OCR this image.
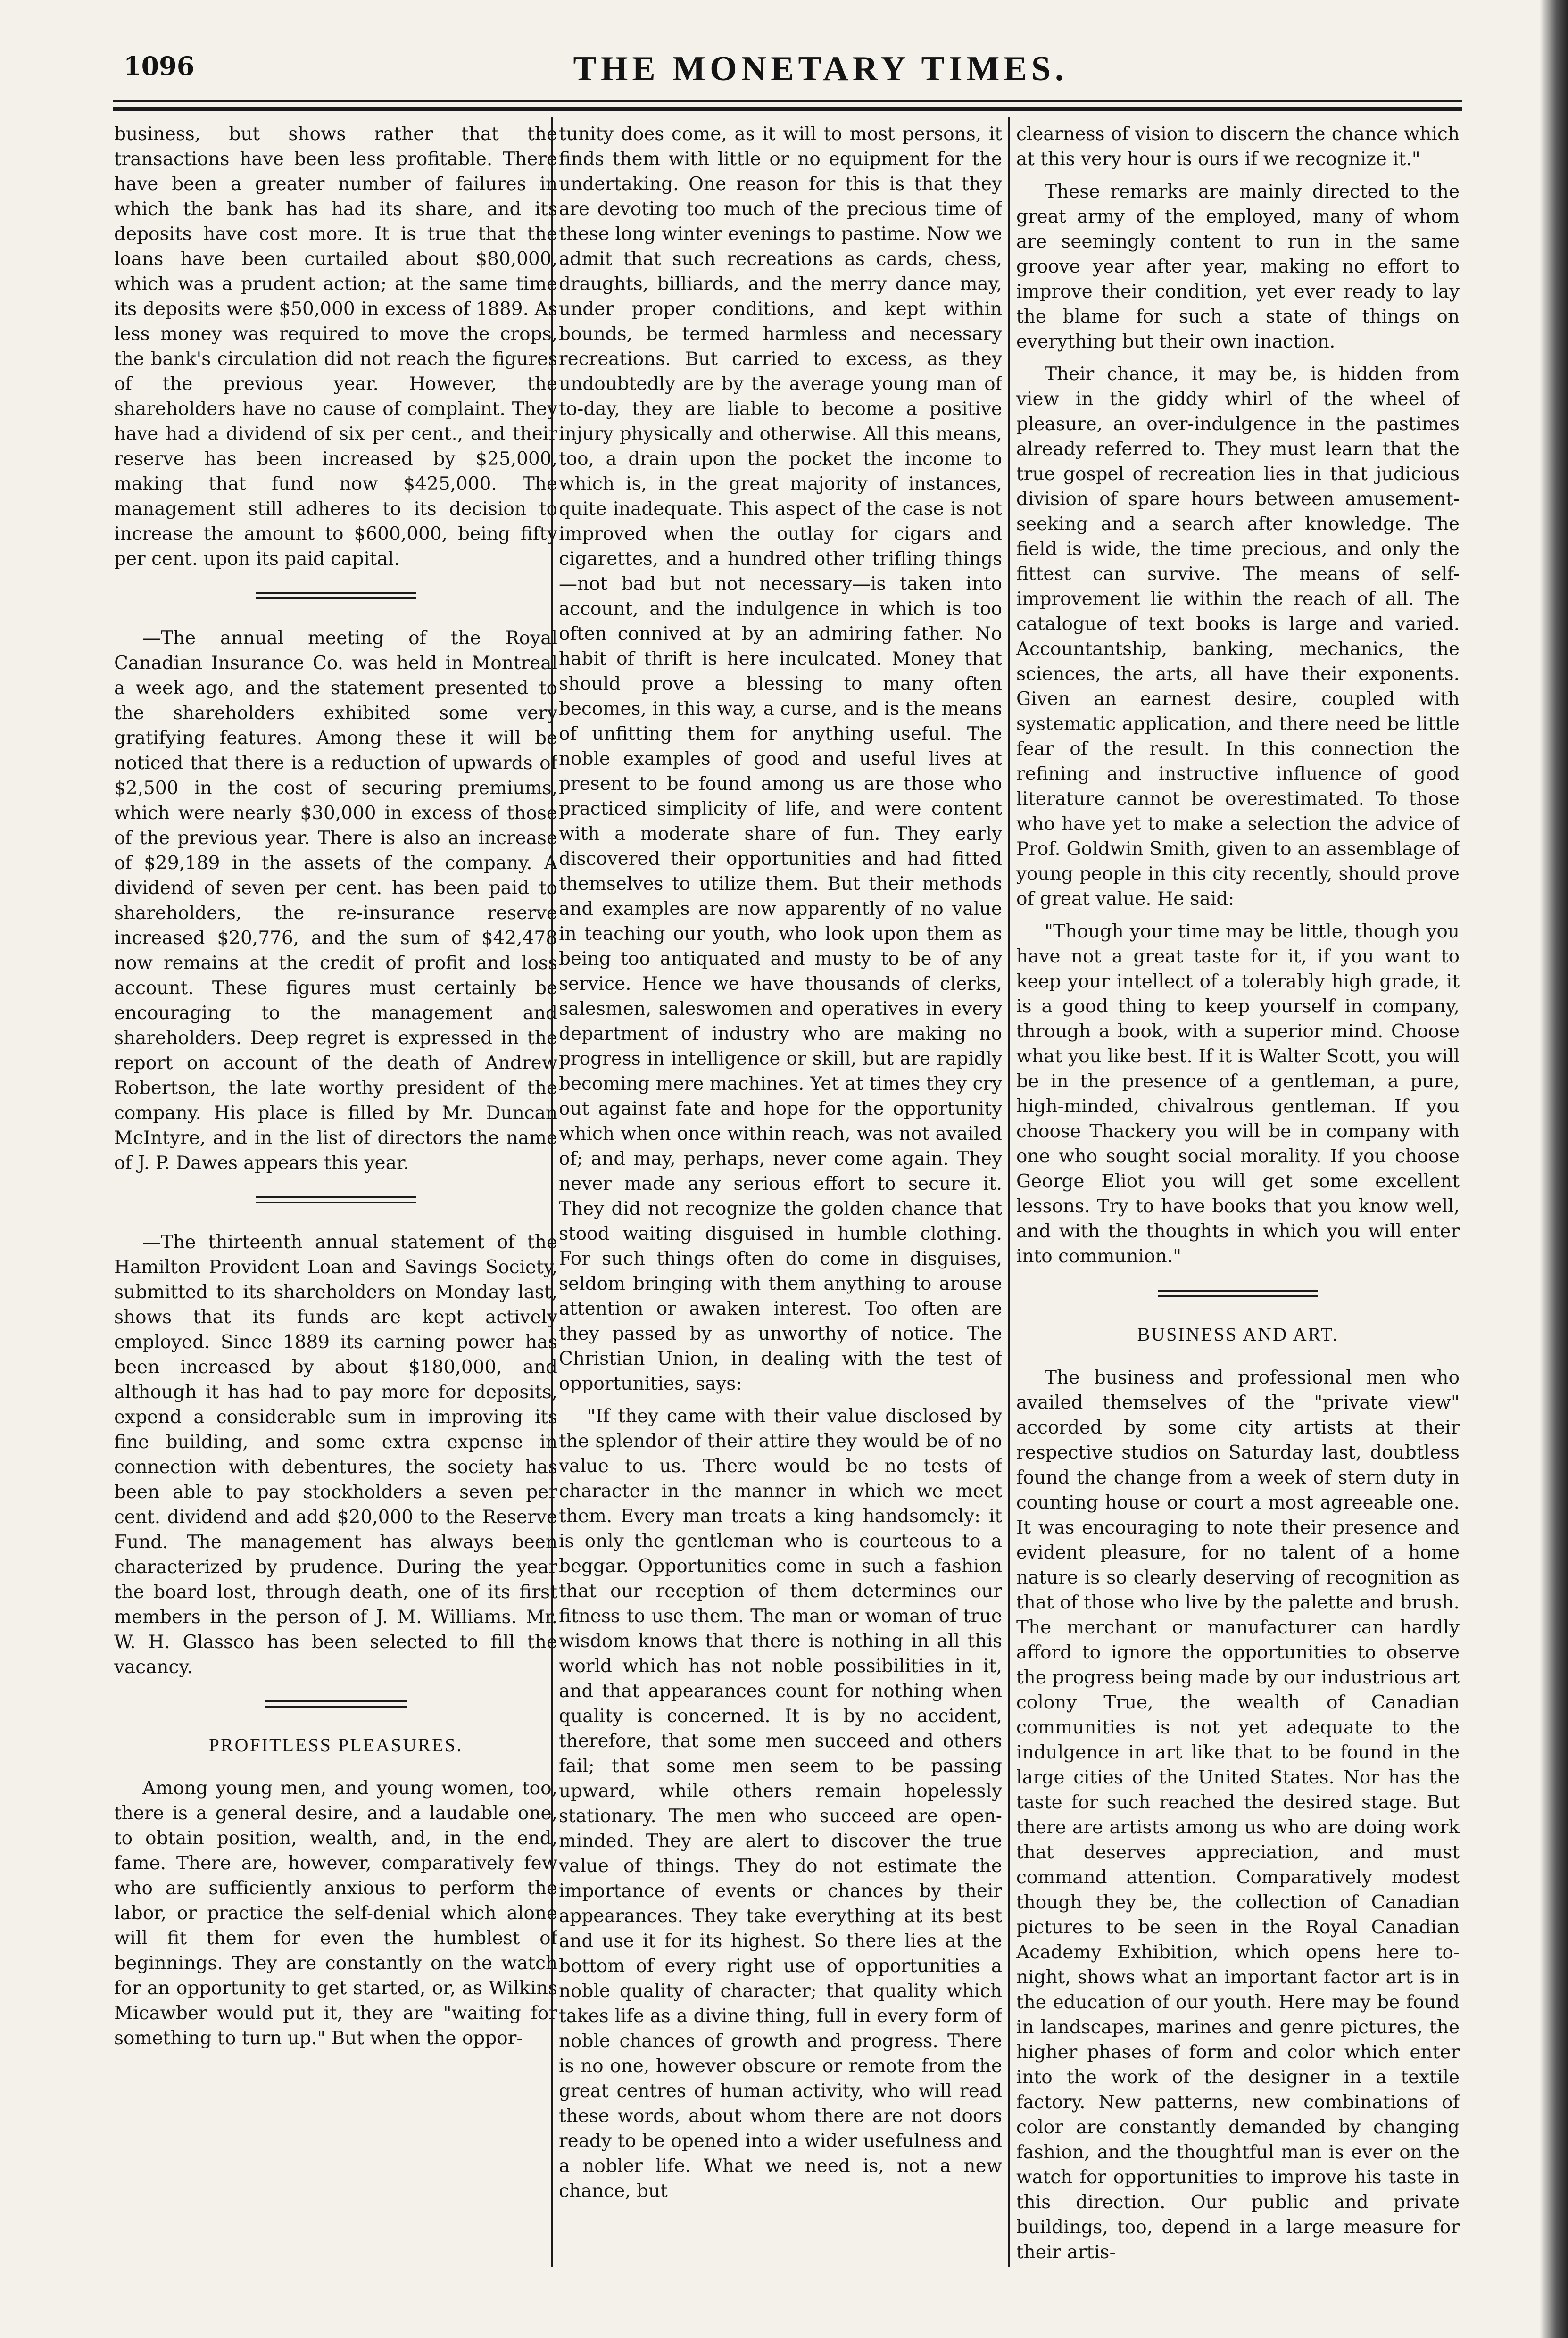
1096	THE MONETARY TIMES.

business, but shows rather that the transactions have been less profitable. There have been a greater number of failures in which the bank has had its share, and its deposits have cost more. It is true that the loans have been curtailed about $80,000, which was a prudent action; at the same time its deposits were $50,000 in excess of 1889. As less money was required to move the crops, the bank's circulation did not reach the figures of the previous year. However, the shareholders have no cause of complaint. They have had a dividend of six per cent., and their reserve has been increased by $25,000, making that fund now $425,000. The management still adheres to its decision to increase the amount to $600,000, being fifty per cent. upon its paid capital.

—The annual meeting of the Royal Canadian Insurance Co. was held in Montreal a week ago, and the statement presented to the shareholders exhibited some very gratifying features. Among these it will be noticed that there is a reduction of upwards of $2,500 in the cost of securing premiums, which were nearly $30,000 in excess of those of the previous year. There is also an increase of $29,189 in the assets of the company. A dividend of seven per cent. has been paid to shareholders, the re-insurance reserve increased $20,776, and the sum of $42,478 now remains at the credit of profit and loss account. These figures must certainly be encouraging to the management and shareholders. Deep regret is expressed in the report on account of the death of Andrew Robertson, the late worthy president of the company. His place is filled by Mr. Duncan McIntyre, and in the list of directors the name of J. P. Dawes appears this year.

—The thirteenth annual statement of the Hamilton Provident Loan and Savings Society, submitted to its shareholders on Monday last, shows that its funds are kept actively employed. Since 1889 its earning power has been increased by about $180,000, and although it has had to pay more for deposits, expend a considerable sum in improving its fine building, and some extra expense in connection with debentures, the society has been able to pay stockholders a seven per cent. dividend and add $20,000 to the Reserve Fund. The management has always been characterized by prudence. During the year the board lost, through death, one of its first members in the person of J. M. Williams. Mr. W. H. Glassco has been selected to fill the vacancy.

PROFITLESS PLEASURES.

Among young men, and young women, too, there is a general desire, and a laudable one, to obtain position, wealth, and, in the end, fame. There are, however, comparatively few who are sufficiently anxious to perform the labor, or practice the self-denial which alone will fit them for even the humblest of beginnings. They are constantly on the watch for an opportunity to get started, or, as Wilkins Micawber would put it, they are "waiting for something to turn up." But when the oppor-

tunity does come, as it will to most persons, it finds them with little or no equipment for the undertaking. One reason for this is that they are devoting too much of the precious time of these long winter evenings to pastime. Now we admit that such recreations as cards, chess, draughts, billiards, and the merry dance may, under proper conditions, and kept within bounds, be termed harmless and necessary recreations. But carried to excess, as they undoubtedly are by the average young man of to-day, they are liable to become a positive injury physically and otherwise. All this means, too, a drain upon the pocket the income to which is, in the great majority of instances, quite inadequate. This aspect of the case is not improved when the outlay for cigars and cigarettes, and a hundred other trifling things—not bad but not necessary—is taken into account, and the indulgence in which is too often connived at by an admiring father. No habit of thrift is here inculcated. Money that should prove a blessing to many often becomes, in this way, a curse, and is the means of unfitting them for anything useful. The noble examples of good and useful lives at present to be found among us are those who practiced simplicity of life, and were content with a moderate share of fun. They early discovered their opportunities and had fitted themselves to utilize them. But their methods and examples are now apparently of no value in teaching our youth, who look upon them as being too antiquated and musty to be of any service. Hence we have thousands of clerks, salesmen, saleswomen and operatives in every department of industry who are making no progress in intelligence or skill, but are rapidly becoming mere machines. Yet at times they cry out against fate and hope for the opportunity which when once within reach, was not availed of; and may, perhaps, never come again. They never made any serious effort to secure it. They did not recognize the golden chance that stood waiting disguised in humble clothing. For such things often do come in disguises, seldom bringing with them anything to arouse attention or awaken interest. Too often are they passed by as unworthy of notice. The Christian Union, in dealing with the test of opportunities, says:

"If they came with their value disclosed by the splendor of their attire they would be of no value to us. There would be no tests of character in the manner in which we meet them. Every man treats a king handsomely: it is only the gentleman who is courteous to a beggar. Opportunities come in such a fashion that our reception of them determines our fitness to use them. The man or woman of true wisdom knows that there is nothing in all this world which has not noble possibilities in it, and that appearances count for nothing when quality is concerned. It is by no accident, therefore, that some men succeed and others fail; that some men seem to be passing upward, while others remain hopelessly stationary. The men who succeed are open-minded. They are alert to discover the true value of things. They do not estimate the importance of events or chances by their appearances. They take everything at its best and use it for its highest. So there lies at the bottom of every right use of opportunities a noble quality of character; that quality which takes life as a divine thing, full in every form of noble chances of growth and progress. There is no one, however obscure or remote from the great centres of human activity, who will read these words, about whom there are not doors ready to be opened into a wider usefulness and a nobler life. What we need is, not a new chance, but

clearness of vision to discern the chance which at this very hour is ours if we recognize it."

These remarks are mainly directed to the great army of the employed, many of whom are seemingly content to run in the same groove year after year, making no effort to improve their condition, yet ever ready to lay the blame for such a state of things on everything but their own inaction.

Their chance, it may be, is hidden from view in the giddy whirl of the wheel of pleasure, an over-indulgence in the pastimes already referred to. They must learn that the true gospel of recreation lies in that judicious division of spare hours between amusement-seeking and a search after knowledge. The field is wide, the time precious, and only the fittest can survive. The means of self-improvement lie within the reach of all. The catalogue of text books is large and varied. Accountantship, banking, mechanics, the sciences, the arts, all have their exponents. Given an earnest desire, coupled with systematic application, and there need be little fear of the result. In this connection the refining and instructive influence of good literature cannot be overestimated. To those who have yet to make a selection the advice of Prof. Goldwin Smith, given to an assemblage of young people in this city recently, should prove of great value. He said:

"Though your time may be little, though you have not a great taste for it, if you want to keep your intellect of a tolerably high grade, it is a good thing to keep yourself in company, through a book, with a superior mind. Choose what you like best. If it is Walter Scott, you will be in the presence of a gentleman, a pure, high-minded, chivalrous gentleman. If you choose Thackery you will be in company with one who sought social morality. If you choose George Eliot you will get some excellent lessons. Try to have books that you know well, and with the thoughts in which you will enter into communion."

BUSINESS AND ART.

The business and professional men who availed themselves of the "private view" accorded by some city artists at their respective studios on Saturday last, doubtless found the change from a week of stern duty in counting house or court a most agreeable one. It was encouraging to note their presence and evident pleasure, for no talent of a home nature is so clearly deserving of recognition as that of those who live by the palette and brush. The merchant or manufacturer can hardly afford to ignore the opportunities to observe the progress being made by our industrious art colony True, the wealth of Canadian communities is not yet adequate to the indulgence in art like that to be found in the large cities of the United States. Nor has the taste for such reached the desired stage. But there are artists among us who are doing work that deserves appreciation, and must command attention. Comparatively modest though they be, the collection of Canadian pictures to be seen in the Royal Canadian Academy Exhibition, which opens here to-night, shows what an important factor art is in the education of our youth. Here may be found in landscapes, marines and genre pictures, the higher phases of form and color which enter into the work of the designer in a textile factory. New patterns, new combinations of color are constantly demanded by changing fashion, and the thoughtful man is ever on the watch for opportunities to improve his taste in this direction. Our public and private buildings, too, depend in a large measure for their artis-
